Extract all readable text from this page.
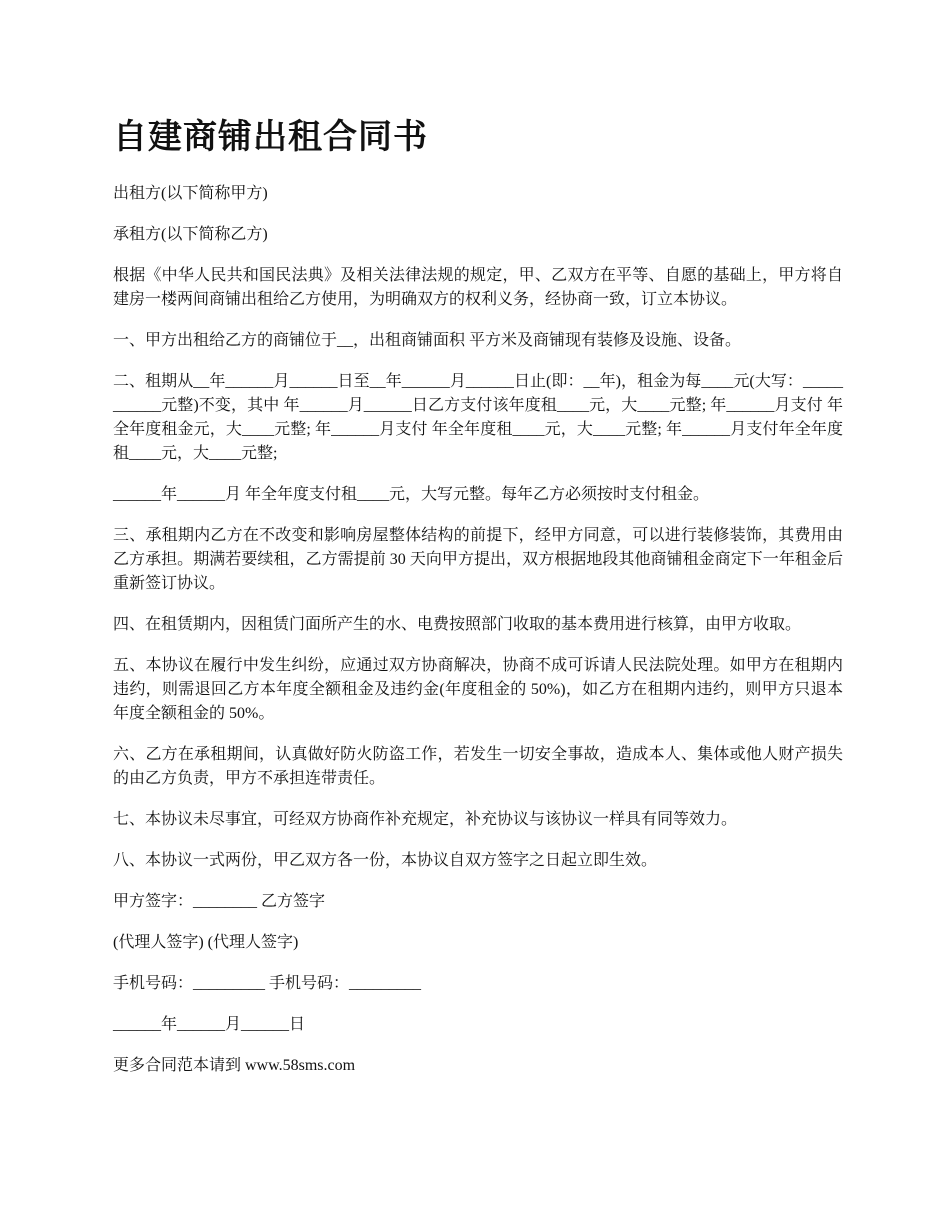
自建商铺出租合同书

出租方(以下简称甲方)

承租方(以下简称乙方)

根据《中华人民共和国民法典》及相关法律法规的规定，甲、乙双方在平等、自愿的基础上，甲方将自建房一楼两间商铺出租给乙方使用，为明确双方的权利义务，经协商一致，订立本协议。

一、甲方出租给乙方的商铺位于__，出租商铺面积 平方米及商铺现有装修及设施、设备。

二、租期从__年______月______日至__年______月______日止(即：__年)，租金为每____元(大写：___________元整)不变，其中 年______月______日乙方支付该年度租____元，大____元整; 年______月支付 年全年度租金元，大____元整; 年______月支付 年全年度租____元，大____元整; 年______月支付年全年度租____元，大____元整;

______年______月 年全年度支付租____元，大写元整。每年乙方必须按时支付租金。

三、承租期内乙方在不改变和影响房屋整体结构的前提下，经甲方同意，可以进行装修装饰，其费用由乙方承担。期满若要续租，乙方需提前 30 天向甲方提出，双方根据地段其他商铺租金商定下一年租金后重新签订协议。

四、在租赁期内，因租赁门面所产生的水、电费按照部门收取的基本费用进行核算，由甲方收取。

五、本协议在履行中发生纠纷，应通过双方协商解决，协商不成可诉请人民法院处理。如甲方在租期内违约，则需退回乙方本年度全额租金及违约金(年度租金的 50%)，如乙方在租期内违约，则甲方只退本年度全额租金的 50%。

六、乙方在承租期间，认真做好防火防盗工作，若发生一切安全事故，造成本人、集体或他人财产损失的由乙方负责，甲方不承担连带责任。

七、本协议未尽事宜，可经双方协商作补充规定，补充协议与该协议一样具有同等效力。

八、本协议一式两份，甲乙双方各一份，本协议自双方签字之日起立即生效。

甲方签字：________ 乙方签字

(代理人签字) (代理人签字)

手机号码：_________ 手机号码：_________

______年______月______日

更多合同范本请到 www.58sms.com
